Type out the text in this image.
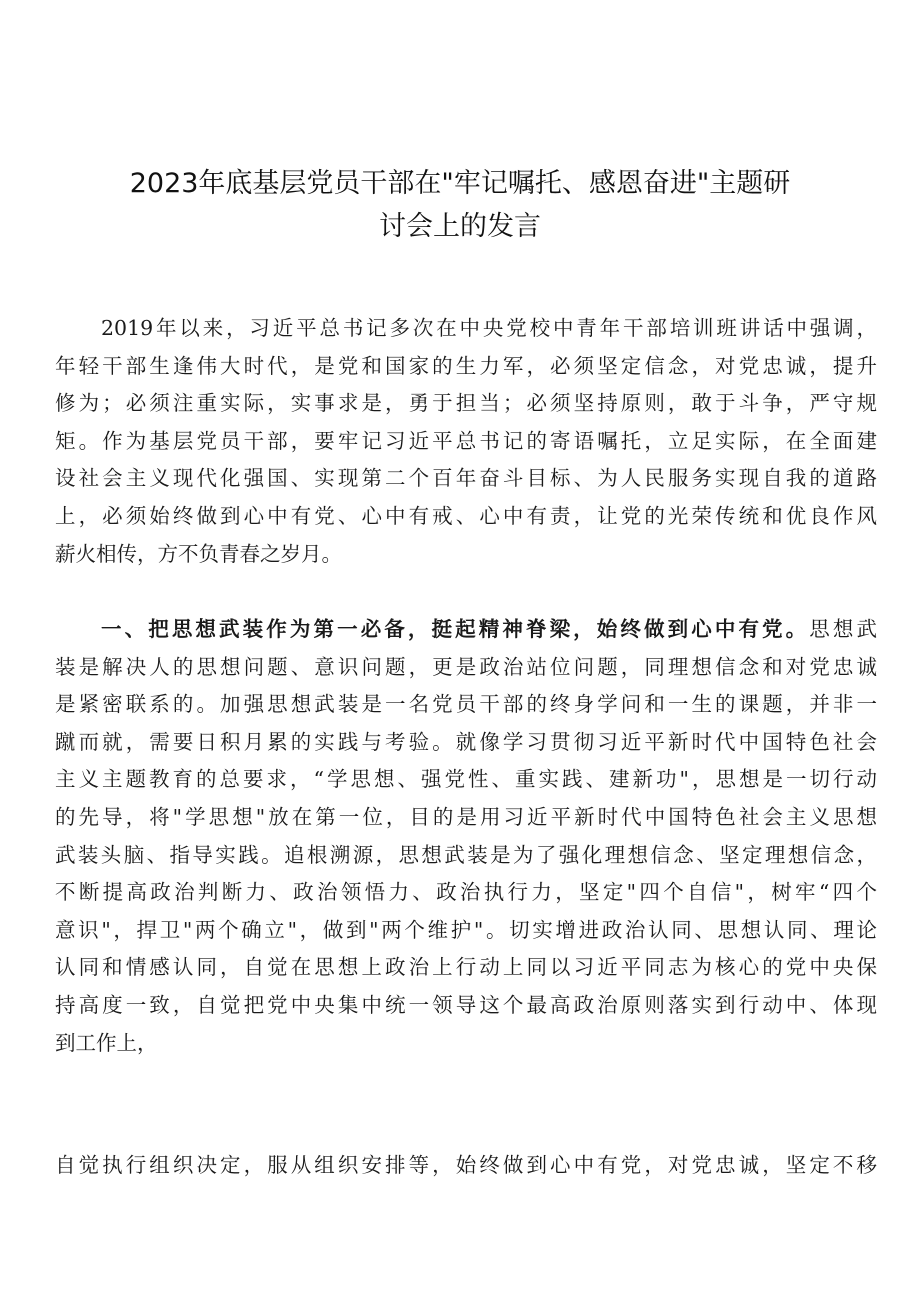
2023年底基层党员干部在"牢记嘱托、感恩奋进"主题研
讨会上的发言
2019年以来，习近平总书记多次在中央党校中青年干部培训班讲话中强调，
年轻干部生逢伟大时代，是党和国家的生力军，必须坚定信念，对党忠诚，提升
修为；必须注重实际，实事求是，勇于担当；必须坚持原则，敢于斗争，严守规
矩。作为基层党员干部，要牢记习近平总书记的寄语嘱托，立足实际，在全面建
设社会主义现代化强国、实现第二个百年奋斗目标、为人民服务实现自我的道路
上，必须始终做到心中有党、心中有戒、心中有责，让党的光荣传统和优良作风
薪火相传，方不负青春之岁月。
一、把思想武装作为第一必备，挺起精神脊梁，始终做到心中有党。思想武
装是解决人的思想问题、意识问题，更是政治站位问题，同理想信念和对党忠诚
是紧密联系的。加强思想武装是一名党员干部的终身学问和一生的课题，并非一
蹴而就，需要日积月累的实践与考验。就像学习贯彻习近平新时代中国特色社会
主义主题教育的总要求，“学思想、强党性、重实践、建新功"，思想是一切行动
的先导，将"学思想"放在第一位，目的是用习近平新时代中国特色社会主义思想
武装头脑、指导实践。追根溯源，思想武装是为了强化理想信念、坚定理想信念，
不断提高政治判断力、政治领悟力、政治执行力，坚定"四个自信"，树牢“四个
意识"，捍卫"两个确立"，做到"两个维护"。切实增进政治认同、思想认同、理论
认同和情感认同，自觉在思想上政治上行动上同以习近平同志为核心的党中央保
持高度一致，自觉把党中央集中统一领导这个最高政治原则落实到行动中、体现
到工作上，
自觉执行组织决定，服从组织安排等，始终做到心中有党，对党忠诚，坚定不移
